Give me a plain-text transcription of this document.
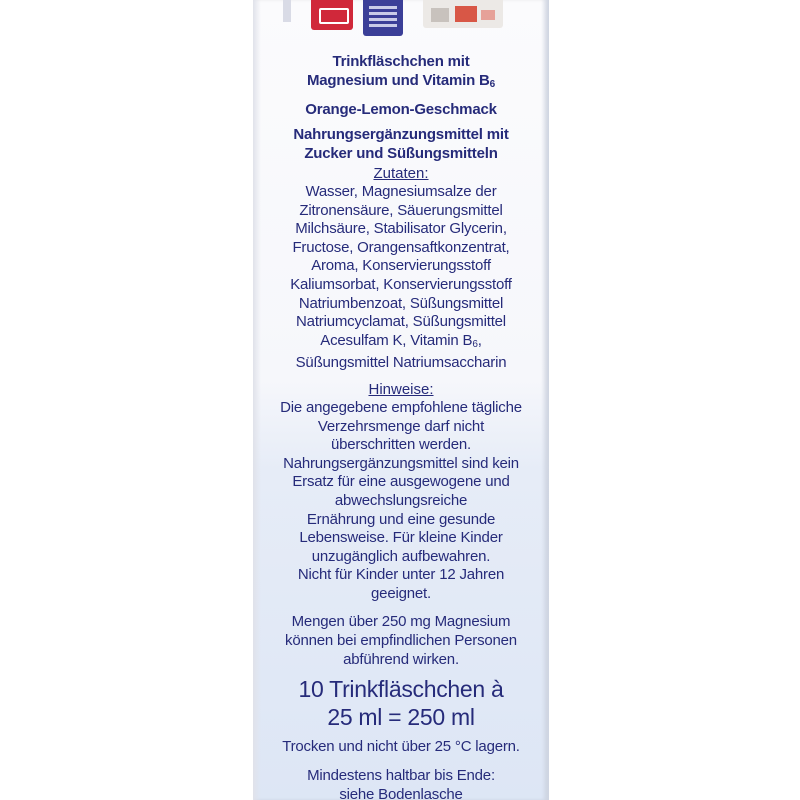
Trinkfläschchen mit
Magnesium und Vitamin $B_6$
Orange-Lemon-Geschmack
Nahrungsergänzungsmittel mit
Zucker und Süßungsmitteln
Zutaten:
Wasser, Magnesiumsalze der
Zitronensäure, Säuerungsmittel
Milchsäure, Stabilisator Glycerin,
Fructose, Orangensaftkonzentrat,
Aroma, Konservierungsstoff
Kaliumsorbat, Konservierungsstoff
Natriumbenzoat, Süßungsmittel
Natriumcyclamat, Süßungsmittel
Acesulfam K, Vitamin $B_6$,
Süßungsmittel Natriumsaccharin
Hinweise:
Die angegebene empfohlene tägliche
Verzehrsmenge darf nicht
überschritten werden.
Nahrungsergänzungsmittel sind kein
Ersatz für eine ausgewogene und
abwechslungsreiche
Ernährung und eine gesunde
Lebensweise. Für kleine Kinder
unzugänglich aufbewahren.
Nicht für Kinder unter 12 Jahren
geeignet.
Mengen über 250 mg Magnesium
können bei empfindlichen Personen
abführend wirken.
10 Trinkfläschchen à
25 ml = 250 ml
Trocken und nicht über 25 °C lagern.
Mindestens haltbar bis Ende:
siehe Bodenlasche
